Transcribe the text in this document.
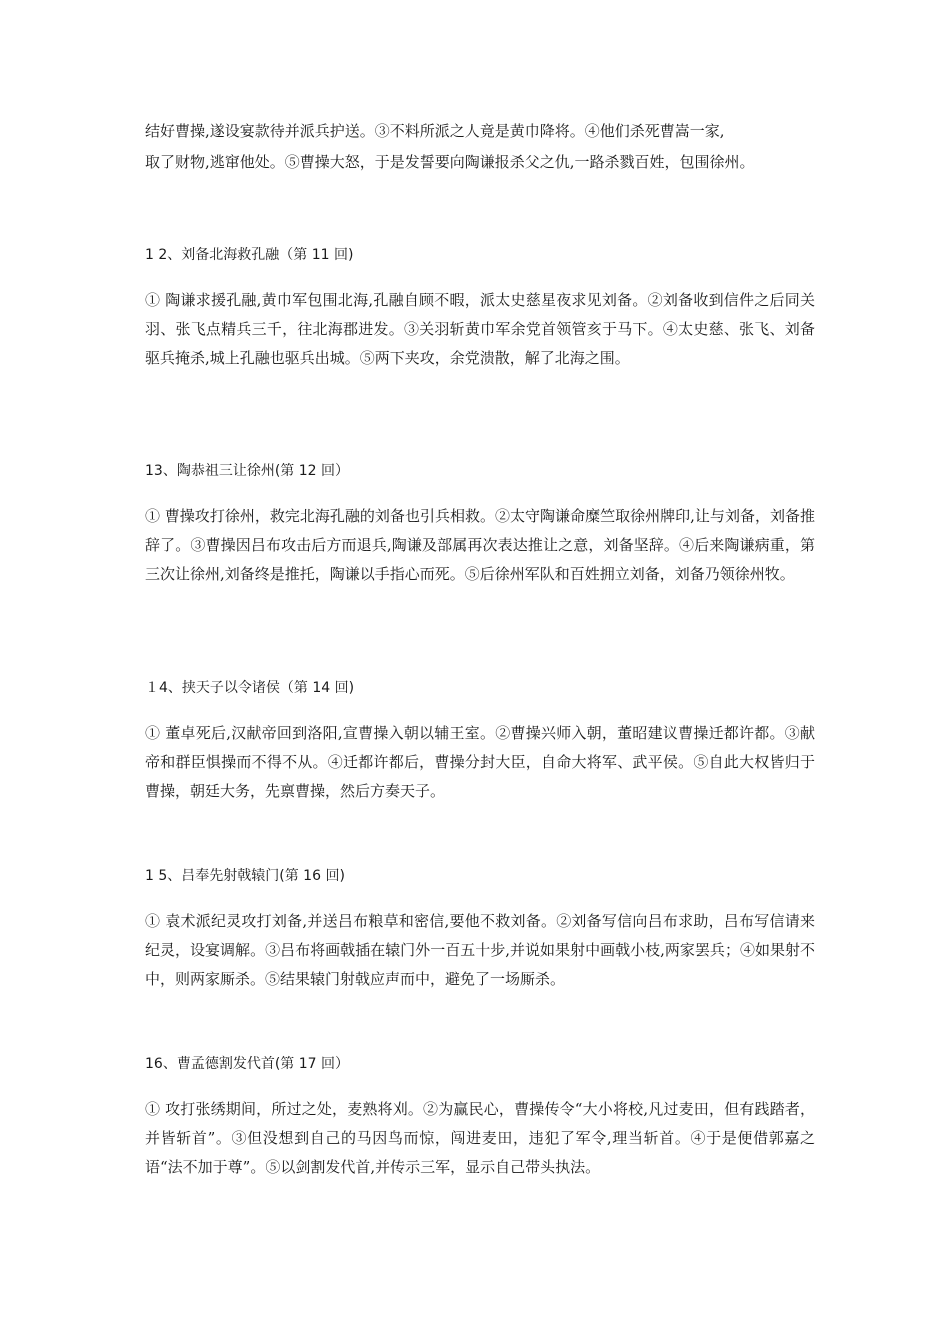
结好曹操,遂设宴款待并派兵护送。③不料所派之人竟是黄巾降将。④他们杀死曹嵩一家,

取了财物,逃窜他处。⑤曹操大怒，于是发誓要向陶谦报杀父之仇,一路杀戮百姓，包围徐州。

1 2、刘备北海救孔融（第 11 回)

① 陶谦求援孔融,黄巾军包围北海,孔融自顾不暇，派太史慈星夜求见刘备。②刘备收到信件之后同关羽、张飞点精兵三千，往北海郡进发。③关羽斩黄巾军余党首领管亥于马下。④太史慈、张飞、刘备驱兵掩杀,城上孔融也驱兵出城。⑤两下夹攻，余党溃散，解了北海之围。

13、陶恭祖三让徐州(第 12 回）

① 曹操攻打徐州，救完北海孔融的刘备也引兵相救。②太守陶谦命糜竺取徐州牌印,让与刘备，刘备推辞了。③曹操因吕布攻击后方而退兵,陶谦及部属再次表达推让之意，刘备坚辞。④后来陶谦病重，第三次让徐州,刘备终是推托，陶谦以手指心而死。⑤后徐州军队和百姓拥立刘备，刘备乃领徐州牧。

１4、挟天子以令诸侯（第 14 回)

① 董卓死后,汉献帝回到洛阳,宣曹操入朝以辅王室。②曹操兴师入朝，董昭建议曹操迁都许都。③献帝和群臣惧操而不得不从。④迁都许都后，曹操分封大臣，自命大将军、武平侯。⑤自此大权皆归于曹操，朝廷大务，先禀曹操，然后方奏天子。

1 5、吕奉先射戟辕门(第 16 回)

① 袁术派纪灵攻打刘备,并送吕布粮草和密信,要他不救刘备。②刘备写信向吕布求助，吕布写信请来纪灵，设宴调解。③吕布将画戟插在辕门外一百五十步,并说如果射中画戟小枝,两家罢兵；④如果射不中，则两家厮杀。⑤结果辕门射戟应声而中，避免了一场厮杀。

16、曹孟德割发代首(第 17 回）

① 攻打张绣期间，所过之处，麦熟将刈。②为赢民心，曹操传令“大小将校,凡过麦田，但有践踏者，并皆斩首”。③但没想到自己的马因鸟而惊，闯进麦田，违犯了军令,理当斩首。④于是便借郭嘉之语“法不加于尊”。⑤以剑割发代首,并传示三军，显示自己带头执法。
